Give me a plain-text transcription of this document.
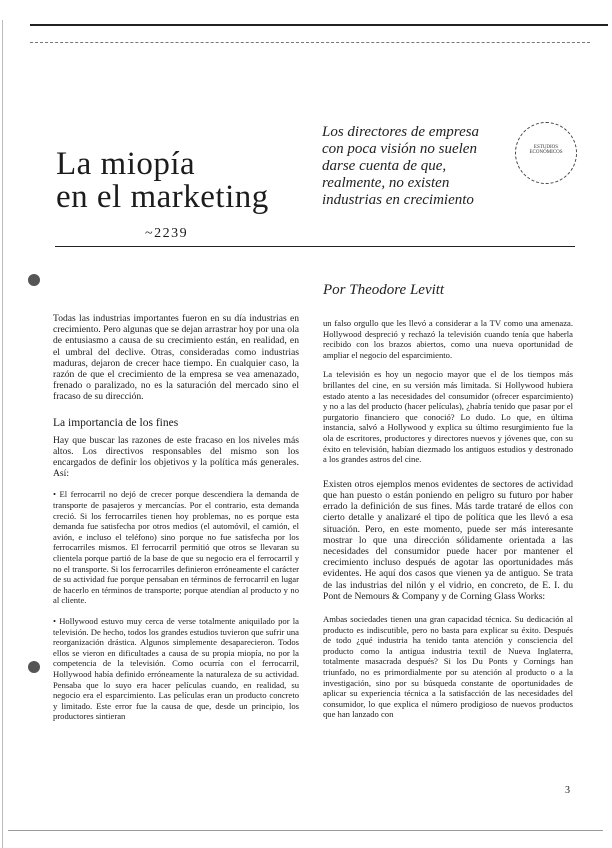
La miopía
en el marketing
~2239
Los directores de empresa
con poca visión no suelen
darse cuenta de que,
realmente, no existen
industrias en crecimiento
ESTUDIOS ECONÓMICOS
Por Theodore Levitt

Todas las industrias importantes fueron en su día industrias en crecimiento. Pero algunas que se dejan arrastrar hoy por una ola de entusiasmo a causa de su crecimiento están, en realidad, en el umbral del declive. Otras, consideradas como industrias maduras, dejaron de crecer hace tiempo. En cualquier caso, la razón de que el crecimiento de la empresa se vea amenazado, frenado o paralizado, no es la saturación del mercado sino el fracaso de su dirección.

La importancia de los fines

Hay que buscar las razones de este fracaso en los niveles más altos. Los directivos responsables del mismo son los encargados de definir los objetivos y la política más generales. Así:

• El ferrocarril no dejó de crecer porque descendiera la demanda de transporte de pasajeros y mercancías. Por el contrario, esta demanda creció. Si los ferrocarriles tienen hoy problemas, no es porque esta demanda fue satisfecha por otros medios (el automóvil, el camión, el avión, e incluso el teléfono) sino porque no fue satisfecha por los ferrocarriles mismos. El ferrocarril permitió que otros se llevaran su clientela porque partió de la base de que su negocio era el ferrocarril y no el transporte. Si los ferrocarriles definieron erróneamente el carácter de su actividad fue porque pensaban en términos de ferrocarril en lugar de hacerlo en términos de transporte; porque atendían al producto y no al cliente.

• Hollywood estuvo muy cerca de verse totalmente aniquilado por la televisión. De hecho, todos los grandes estudios tuvieron que sufrir una reorganización drástica. Algunos simplemente desaparecieron. Todos ellos se vieron en dificultades a causa de su propia miopía, no por la competencia de la televisión. Como ocurría con el ferrocarril, Hollywood había definido erróneamente la naturaleza de su actividad. Pensaba que lo suyo era hacer películas cuando, en realidad, su negocio era el esparcimiento. Las películas eran un producto concreto y limitado. Este error fue la causa de que, desde un principio, los productores sintieran

un falso orgullo que les llevó a considerar a la TV como una amenaza. Hollywood despreció y rechazó la televisión cuando tenía que haberla recibido con los brazos abiertos, como una nueva oportunidad de ampliar el negocio del esparcimiento.

La televisión es hoy un negocio mayor que el de los tiempos más brillantes del cine, en su versión más limitada. Si Hollywood hubiera estado atento a las necesidades del consumidor (ofrecer esparcimiento) y no a las del producto (hacer películas), ¿habría tenido que pasar por el purgatorio financiero que conoció? Lo dudo. Lo que, en última instancia, salvó a Hollywood y explica su último resurgimiento fue la ola de escritores, productores y directores nuevos y jóvenes que, con su éxito en televisión, habían diezmado los antiguos estudios y destronado a los grandes astros del cine.

Existen otros ejemplos menos evidentes de sectores de actividad que han puesto o están poniendo en peligro su futuro por haber errado la definición de sus fines. Más tarde trataré de ellos con cierto detalle y analizaré el tipo de política que les llevó a esa situación. Pero, en este momento, puede ser más interesante mostrar lo que una dirección sólidamente orientada a las necesidades del consumidor puede hacer por mantener el crecimiento incluso después de agotar las oportunidades más evidentes. He aquí dos casos que vienen ya de antiguo. Se trata de las industrias del nilón y el vidrio, en concreto, de E. I. du Pont de Nemours & Company y de Corning Glass Works:

Ambas sociedades tienen una gran capacidad técnica. Su dedicación al producto es indiscutible, pero no basta para explicar su éxito. Después de todo ¿qué industria ha tenido tanta atención y consciencia del producto como la antigua industria textil de Nueva Inglaterra, totalmente masacrada después? Si los Du Ponts y Cornings han triunfado, no es primordialmente por su atención al producto o a la investigación, sino por su búsqueda constante de oportunidades de aplicar su experiencia técnica a la satisfacción de las necesidades del consumidor, lo que explica el número prodigioso de nuevos productos que han lanzado con

3
